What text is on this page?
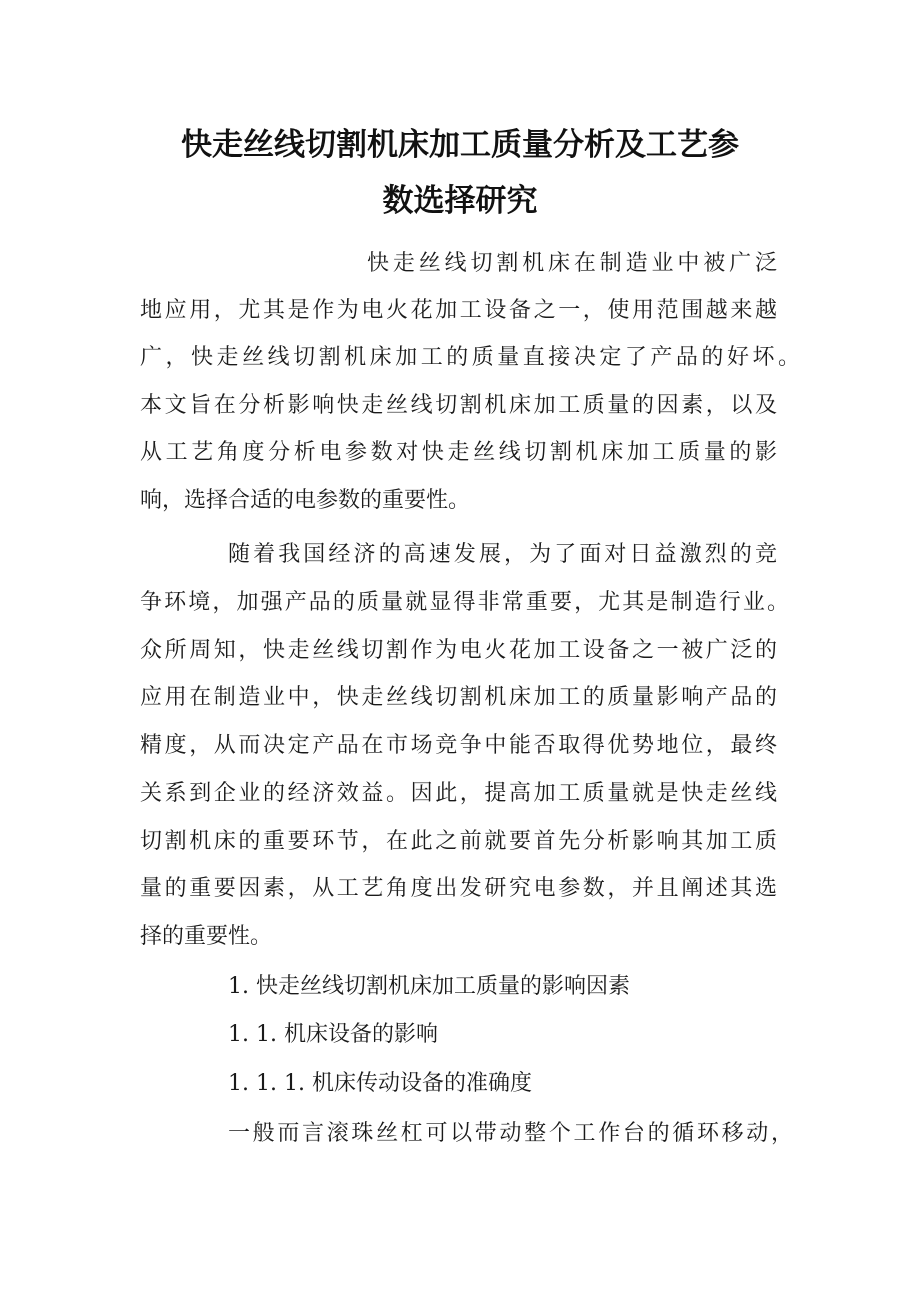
快走丝线切割机床加工质量分析及工艺参
数选择研究

快走丝线切割机床在制造业中被广泛

地应用，尤其是作为电火花加工设备之一，使用范围越来越

广，快走丝线切割机床加工的质量直接决定了产品的好坏。

本文旨在分析影响快走丝线切割机床加工质量的因素，以及

从工艺角度分析电参数对快走丝线切割机床加工质量的影

响，选择合适的电参数的重要性。

随着我国经济的高速发展，为了面对日益激烈的竞

争环境，加强产品的质量就显得非常重要，尤其是制造行业。

众所周知，快走丝线切割作为电火花加工设备之一被广泛的

应用在制造业中，快走丝线切割机床加工的质量影响产品的

精度，从而决定产品在市场竞争中能否取得优势地位，最终

关系到企业的经济效益。因此，提高加工质量就是快走丝线

切割机床的重要环节，在此之前就要首先分析影响其加工质

量的重要因素，从工艺角度出发研究电参数，并且阐述其选

择的重要性。

1. 快走丝线切割机床加工质量的影响因素

1. 1. 机床设备的影响

1. 1. 1. 机床传动设备的准确度

一般而言滚珠丝杠可以带动整个工作台的循环移动，
